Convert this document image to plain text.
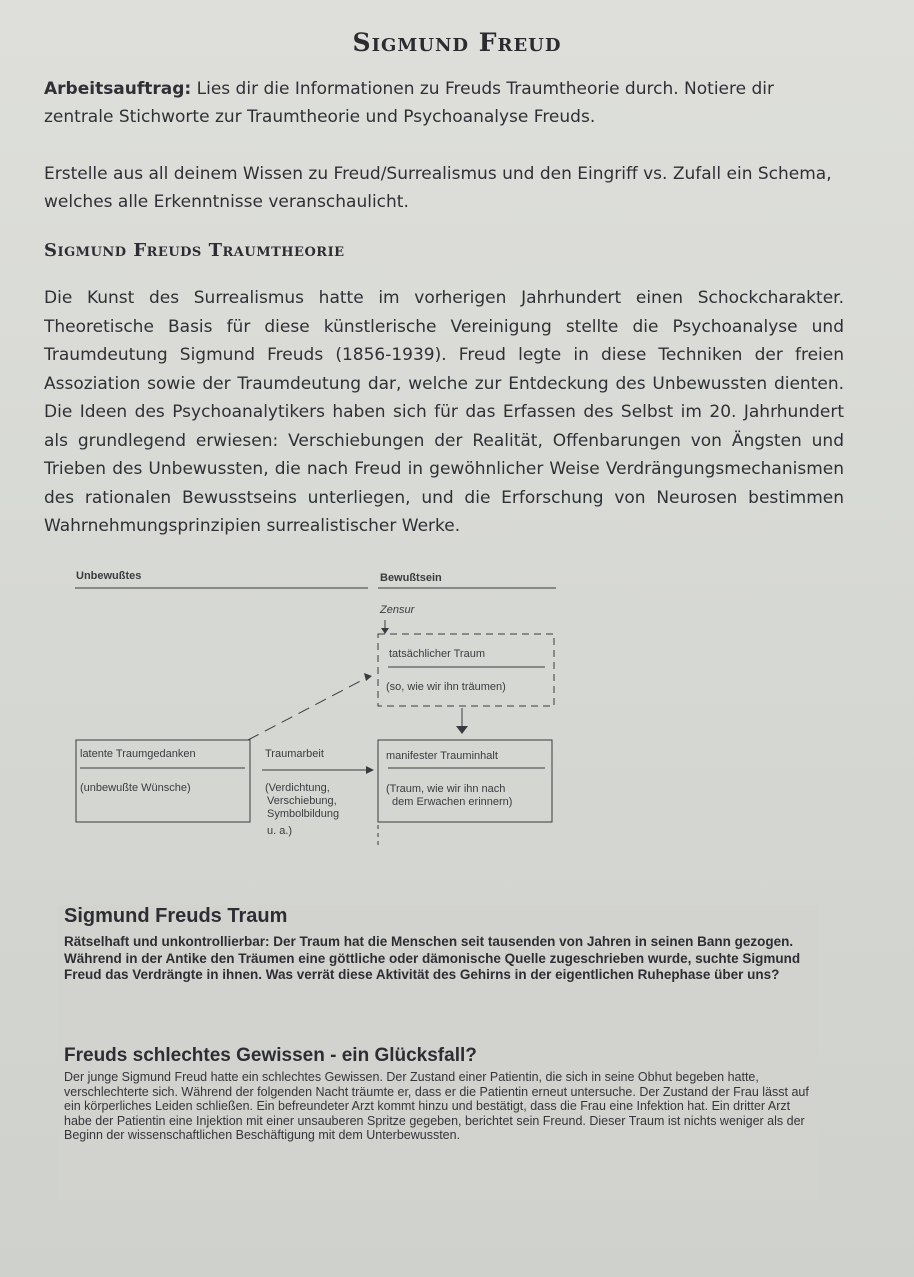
Sigmund Freud
Arbeitsauftrag: Lies dir die Informationen zu Freuds Traumtheorie durch. Notiere dir zentrale Stichworte zur Traumtheorie und Psychoanalyse Freuds.
Erstelle aus all deinem Wissen zu Freud/Surrealismus und den Eingriff vs. Zufall ein Schema, welches alle Erkenntnisse veranschaulicht.
Sigmund Freuds Traumtheorie
Die Kunst des Surrealismus hatte im vorherigen Jahrhundert einen Schockcharakter. Theoretische Basis für diese künstlerische Vereinigung stellte die Psychoanalyse und Traumdeutung Sigmund Freuds (1856-1939). Freud legte in diese Techniken der freien Assoziation sowie der Traumdeutung dar, welche zur Entdeckung des Unbewussten dienten. Die Ideen des Psychoanalytikers haben sich für das Erfassen des Selbst im 20. Jahrhundert als grundlegend erwiesen: Verschiebungen der Realität, Offenbarungen von Ängsten und Trieben des Unbewussten, die nach Freud in gewöhnlicher Weise Verdrängungsmechanismen des rationalen Bewusstseins unterliegen, und die Erforschung von Neurosen bestimmen Wahrnehmungsprinzipien surrealistischer Werke.
Unbewußtes	Bewußtsein
Zensur
tatsächlicher Traum
(so, wie wir ihn träumen)
latente Traumgedanken
(unbewußte Wünsche)
Traumarbeit
(Verdichtung,
Verschiebung,
Symbolbildung
u. a.)
manifester Trauminhalt
(Traum, wie wir ihn nach
dem Erwachen erinnern)
Sigmund Freuds Traum
Rätselhaft und unkontrollierbar: Der Traum hat die Menschen seit tausenden von Jahren in seinen Bann gezogen. Während in der Antike den Träumen eine göttliche oder dämonische Quelle zugeschrieben wurde, suchte Sigmund Freud das Verdrängte in ihnen. Was verrät diese Aktivität des Gehirns in der eigentlichen Ruhephase über uns?
Freuds schlechtes Gewissen - ein Glücksfall?
Der junge Sigmund Freud hatte ein schlechtes Gewissen. Der Zustand einer Patientin, die sich in seine Obhut begeben hatte, verschlechterte sich. Während der folgenden Nacht träumte er, dass er die Patientin erneut untersuche. Der Zustand der Frau lässt auf ein körperliches Leiden schließen. Ein befreundeter Arzt kommt hinzu und bestätigt, dass die Frau eine Infektion hat. Ein dritter Arzt habe der Patientin eine Injektion mit einer unsauberen Spritze gegeben, berichtet sein Freund. Dieser Traum ist nichts weniger als der Beginn der wissenschaftlichen Beschäftigung mit dem Unterbewussten.
